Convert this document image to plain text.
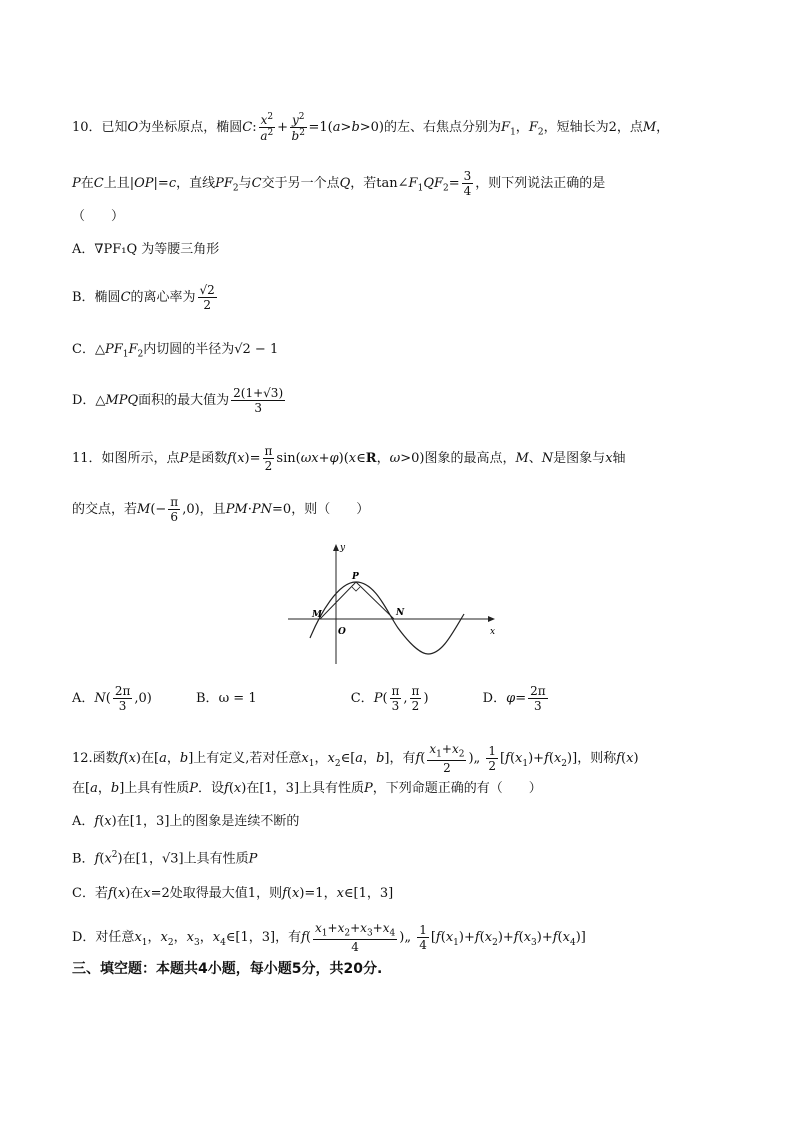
10．已知O为坐标原点，椭圆C: $\frac{x^2}{a^2} + \frac{y^2}{b^2} =1(a>b>0)$的左、右焦点分别为$F_1$，$F_2$，短轴长为2，点M，
P在C上且|OP|=c，直线$PF_2$与C交于另一个点Q，若$\tan\angle F_1QF_2= \frac{3}{4}$ ，则下列说法正确的是
（　　）
A．∇PF₁Q 为等腰三角形
B．椭圆C的离心率为 $\frac{√2}{2}$
C．$\triangle PF_1F_2$内切圆的半径为√2 − 1
D．△MPQ面积的最大值为 $\frac{2(1+√3)}{3}$
11．如图所示，点P是函数$f(x)= \frac{\pi}{2}$ sin(ωx+φ)(x∈R，ω>0)图象的最高点，M、N是图象与x轴
的交点，若$M(- \frac{\pi}{6} ,0)$，且PM·PN=0，则（　　）
y
x
O
M	N
P
A．$N( \frac{2\pi}{3} ,0)$	B．ω = 1	C．$P( \frac{\pi}{3}$ , $\frac{\pi}{2}$ )	D．$\varphi= \frac{2\pi}{3}$
12.函数f(x)在[a，b]上有定义,若对任意$x_1$，$x_2\in[a$，b]，有$f( \frac{x_1+x_2}{2}$ )„ $\frac{1}{2} [f(x_1)+f(x_2)]$，则称f(x)
在[a，b]上具有性质P．设f(x)在[1，3]上具有性质P，下列命题正确的有（　　）
A．f(x)在[1，3]上的图象是连续不断的
B．$f(x^2)$在[1，√3]上具有性质P
C．若f(x)在x=2处取得最大值1，则f(x)=1，x∈[1，3]
D．对任意$x_1$，$x_2$，$x_3$，$x_4\in[1$，3]，有$f( \frac{x_1+x_2+x_3+x_4}{4}$ )„ $\frac{1}{4} [f(x_1)+f(x_2)+f(x_3)+f(x_4)]$
三、填空题：本题共4小题，每小题5分，共20分.
